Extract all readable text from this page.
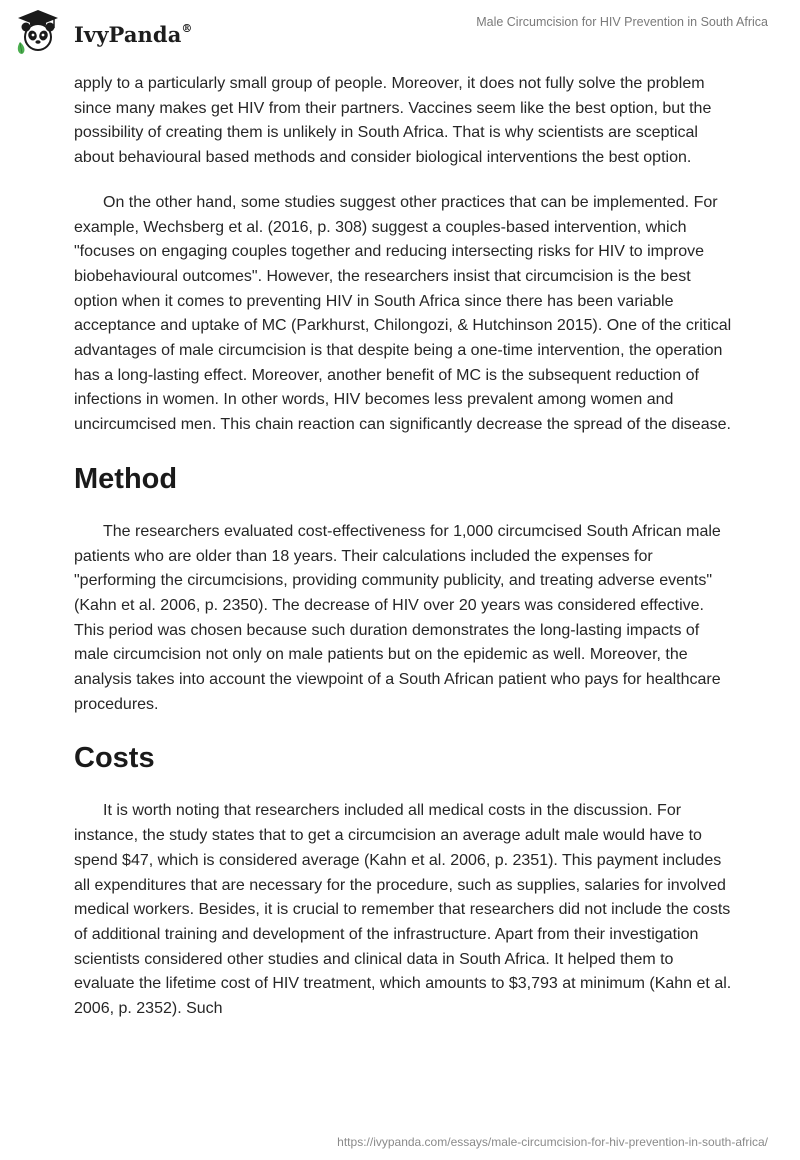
IvyPanda®	Male Circumcision for HIV Prevention in South Africa

apply to a particularly small group of people. Moreover, it does not fully solve the problem since many makes get HIV from their partners. Vaccines seem like the best option, but the possibility of creating them is unlikely in South Africa. That is why scientists are sceptical about behavioural based methods and consider biological interventions the best option.

On the other hand, some studies suggest other practices that can be implemented. For example, Wechsberg et al. (2016, p. 308) suggest a couples-based intervention, which "focuses on engaging couples together and reducing intersecting risks for HIV to improve biobehavioural outcomes". However, the researchers insist that circumcision is the best option when it comes to preventing HIV in South Africa since there has been variable acceptance and uptake of MC (Parkhurst, Chilongozi, & Hutchinson 2015). One of the critical advantages of male circumcision is that despite being a one-time intervention, the operation has a long-lasting effect. Moreover, another benefit of MC is the subsequent reduction of infections in women. In other words, HIV becomes less prevalent among women and uncircumcised men. This chain reaction can significantly decrease the spread of the disease.

Method

The researchers evaluated cost-effectiveness for 1,000 circumcised South African male patients who are older than 18 years. Their calculations included the expenses for "performing the circumcisions, providing community publicity, and treating adverse events" (Kahn et al. 2006, p. 2350). The decrease of HIV over 20 years was considered effective. This period was chosen because such duration demonstrates the long-lasting impacts of male circumcision not only on male patients but on the epidemic as well. Moreover, the analysis takes into account the viewpoint of a South African patient who pays for healthcare procedures.

Costs

It is worth noting that researchers included all medical costs in the discussion. For instance, the study states that to get a circumcision an average adult male would have to spend $47, which is considered average (Kahn et al. 2006, p. 2351). This payment includes all expenditures that are necessary for the procedure, such as supplies, salaries for involved medical workers. Besides, it is crucial to remember that researchers did not include the costs of additional training and development of the infrastructure. Apart from their investigation scientists considered other studies and clinical data in South Africa. It helped them to evaluate the lifetime cost of HIV treatment, which amounts to $3,793 at minimum (Kahn et al. 2006, p. 2352). Such

https://ivypanda.com/essays/male-circumcision-for-hiv-prevention-in-south-africa/
